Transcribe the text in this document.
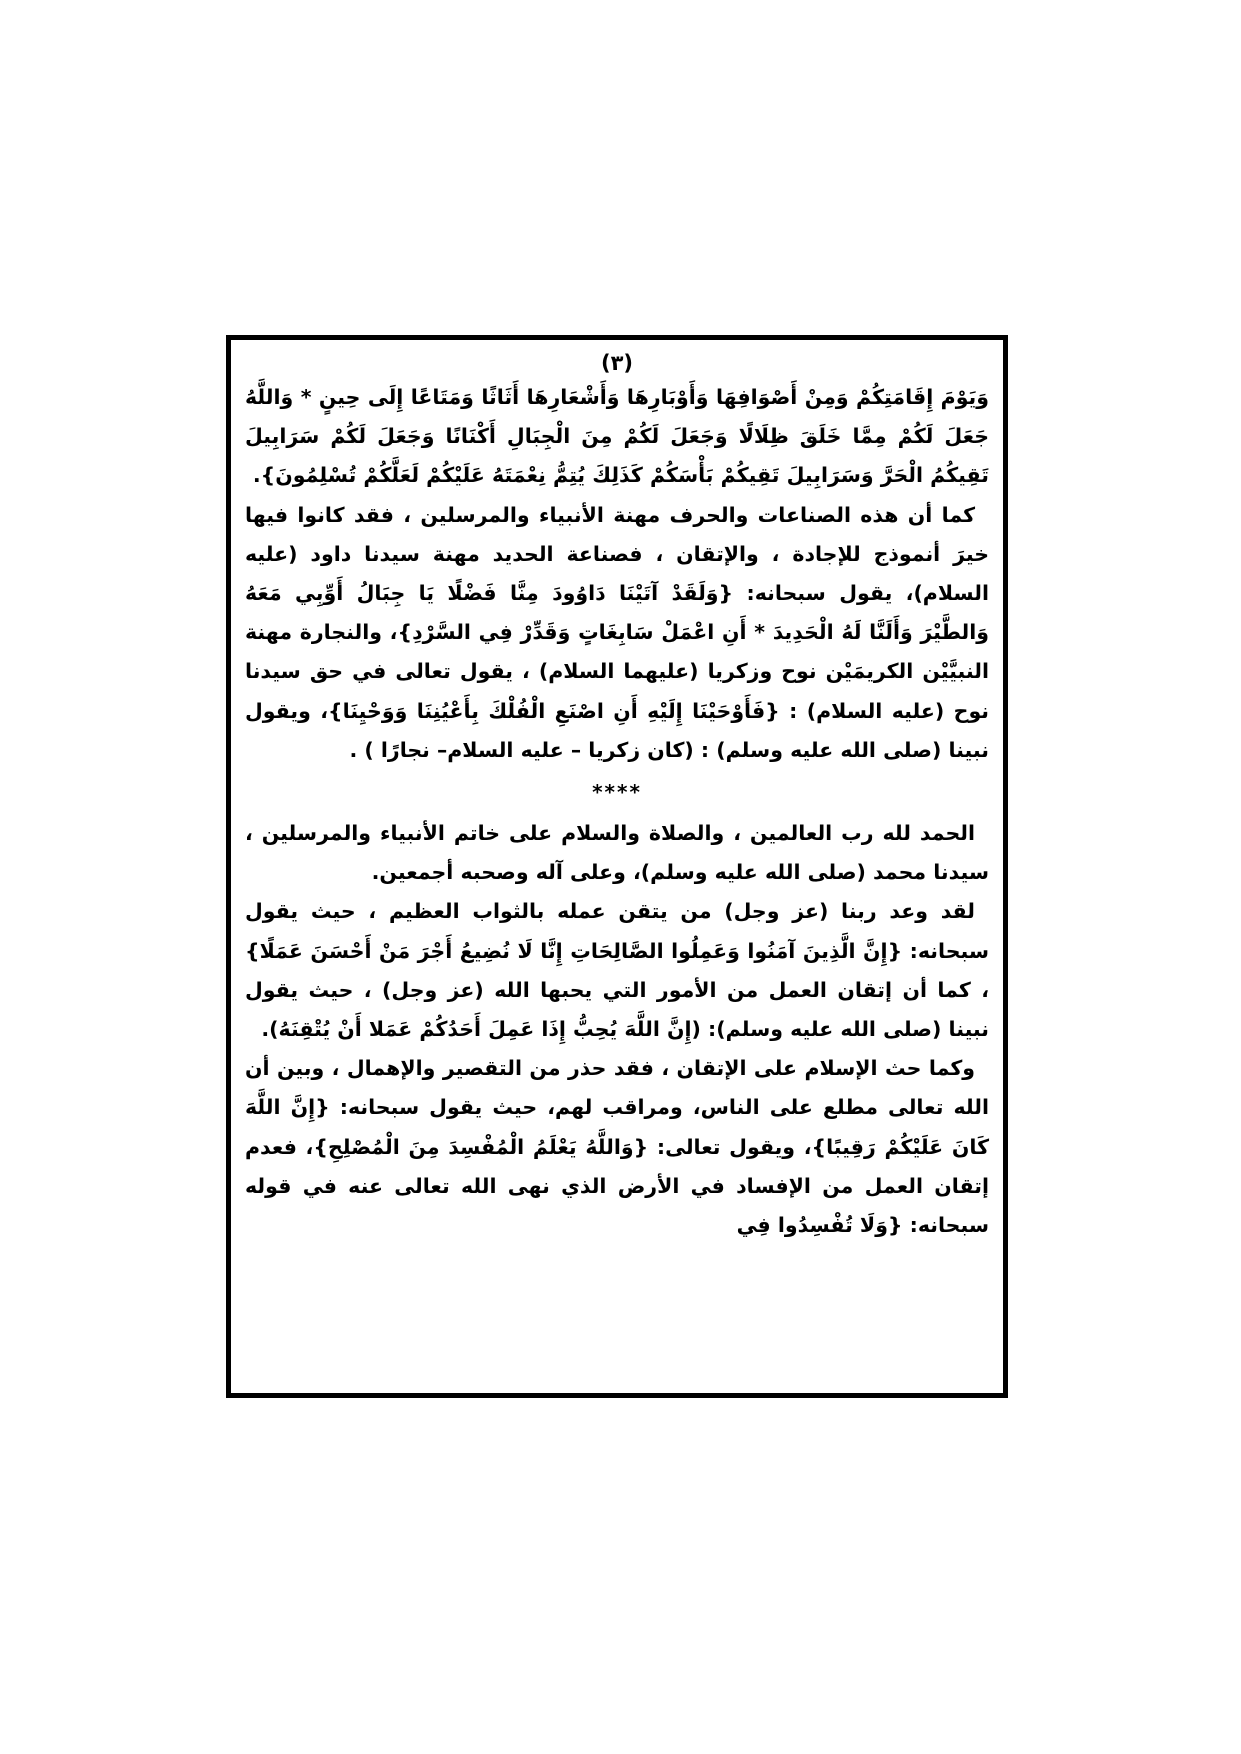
(٣)

وَيَوْمَ إِقَامَتِكُمْ وَمِنْ أَصْوَافِهَا وَأَوْبَارِهَا وَأَشْعَارِهَا أَثَاثًا وَمَتَاعًا إِلَى حِينٍ * وَاللَّهُ جَعَلَ لَكُمْ مِمَّا خَلَقَ ظِلَالًا وَجَعَلَ لَكُمْ مِنَ الْجِبَالِ أَكْنَانًا وَجَعَلَ لَكُمْ سَرَابِيلَ تَقِيكُمُ الْحَرَّ وَسَرَابِيلَ تَقِيكُمْ بَأْسَكُمْ كَذَلِكَ يُتِمُّ نِعْمَتَهُ عَلَيْكُمْ لَعَلَّكُمْ تُسْلِمُونَ}.

كما أن هذه الصناعات والحرف مهنة الأنبياء والمرسلين ، فقد كانوا فيها خيرَ أنموذج للإجادة ، والإتقان ، فصناعة الحديد مهنة سيدنا داود (عليه السلام)، يقول سبحانه: {وَلَقَدْ آتَيْنَا دَاوُودَ مِنَّا فَضْلًا يَا جِبَالُ أَوِّبِي مَعَهُ وَالطَّيْرَ وَأَلَنَّا لَهُ الْحَدِيدَ * أَنِ اعْمَلْ سَابِغَاتٍ وَقَدِّرْ فِي السَّرْدِ}، والنجارة مهنة النبيَّيْن الكريمَيْن نوح وزكريا (عليهما السلام) ، يقول تعالى في حق سيدنا نوح (عليه السلام) : {فَأَوْحَيْنَا إِلَيْهِ أَنِ اصْنَعِ الْفُلْكَ بِأَعْيُنِنَا وَوَحْيِنَا}، ويقول نبينا (صلى الله عليه وسلم) : (كان زكريا – عليه السلام– نجارًا ) .

****

الحمد لله رب العالمين ، والصلاة والسلام على خاتم الأنبياء والمرسلين ، سيدنا محمد (صلى الله عليه وسلم)، وعلى آله وصحبه أجمعين.

لقد وعد ربنا (عز وجل) من يتقن عمله بالثواب العظيم ، حيث يقول سبحانه: {إِنَّ الَّذِينَ آمَنُوا وَعَمِلُوا الصَّالِحَاتِ إِنَّا لَا نُضِيعُ أَجْرَ مَنْ أَحْسَنَ عَمَلًا} ، كما أن إتقان العمل من الأمور التي يحبها الله (عز وجل) ، حيث يقول نبينا (صلى الله عليه وسلم): (إِنَّ اللَّهَ يُحِبُّ إِذَا عَمِلَ أَحَدُكُمْ عَمَلا أَنْ يُتْقِنَهُ).

وكما حث الإسلام على الإتقان ، فقد حذر من التقصير والإهمال ، وبين أن الله تعالى مطلع على الناس، ومراقب لهم، حيث يقول سبحانه: {إِنَّ اللَّهَ كَانَ عَلَيْكُمْ رَقِيبًا}، ويقول تعالى: {وَاللَّهُ يَعْلَمُ الْمُفْسِدَ مِنَ الْمُصْلِحِ}، فعدم إتقان العمل من الإفساد في الأرض الذي نهى الله تعالى عنه في قوله سبحانه: {وَلَا تُفْسِدُوا فِي
